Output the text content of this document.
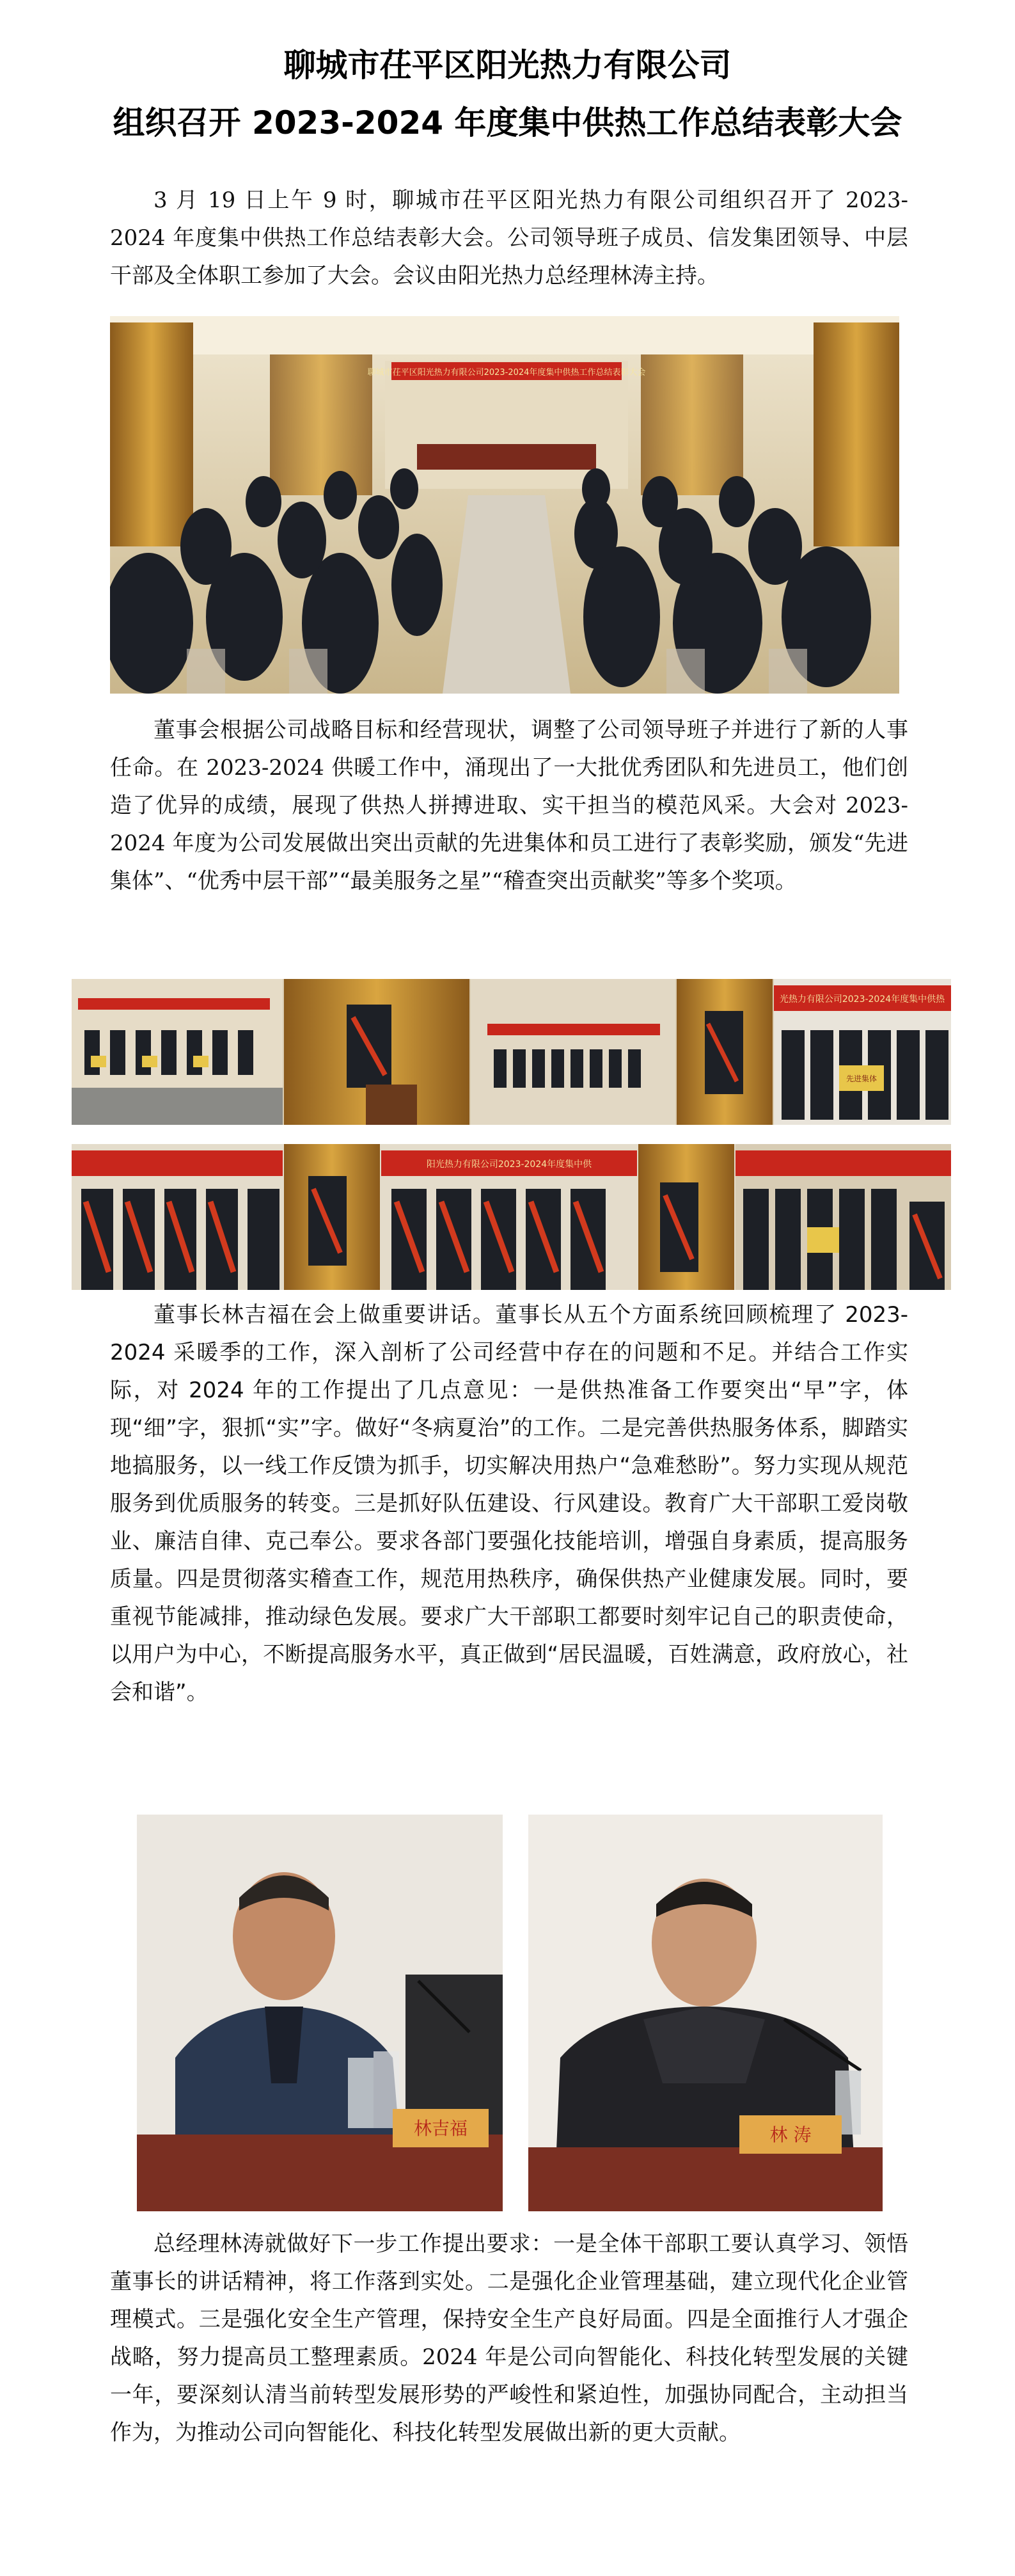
聊城市茌平区阳光热力有限公司
组织召开 2023-2024 年度集中供热工作总结表彰大会

3 月 19 日上午 9 时，聊城市茌平区阳光热力有限公司组织召开了 2023-2024 年度集中供热工作总结表彰大会。公司领导班子成员、信发集团领导、中层干部及全体职工参加了大会。会议由阳光热力总经理林涛主持。

聊城市茌平区阳光热力有限公司2023-2024年度集中供热工作总结表彰大会

董事会根据公司战略目标和经营现状，调整了公司领导班子并进行了新的人事任命。在 2023-2024 供暖工作中，涌现出了一大批优秀团队和先进员工，他们创造了优异的成绩，展现了供热人拼搏进取、实干担当的模范风采。大会对 2023-2024 年度为公司发展做出突出贡献的先进集体和员工进行了表彰奖励，颁发“先进集体”、“优秀中层干部”“最美服务之星”“稽查突出贡献奖”等多个奖项。

光热力有限公司2023-2024年度集中供热
先进集体
阳光热力有限公司2023-2024年度集中供

董事长林吉福在会上做重要讲话。董事长从五个方面系统回顾梳理了 2023-2024 采暖季的工作，深入剖析了公司经营中存在的问题和不足。并结合工作实际，对 2024 年的工作提出了几点意见：一是供热准备工作要突出“早”字，体现“细”字，狠抓“实”字。做好“冬病夏治”的工作。二是完善供热服务体系，脚踏实地搞服务，以一线工作反馈为抓手，切实解决用热户“急难愁盼”。努力实现从规范服务到优质服务的转变。三是抓好队伍建设、行风建设。教育广大干部职工爱岗敬业、廉洁自律、克己奉公。要求各部门要强化技能培训，增强自身素质，提高服务质量。四是贯彻落实稽查工作，规范用热秩序，确保供热产业健康发展。同时，要重视节能减排，推动绿色发展。要求广大干部职工都要时刻牢记自己的职责使命，以用户为中心，不断提高服务水平，真正做到“居民温暖，百姓满意，政府放心，社会和谐”。

林吉福	林 涛

总经理林涛就做好下一步工作提出要求：一是全体干部职工要认真学习、领悟董事长的讲话精神，将工作落到实处。二是强化企业管理基础，建立现代化企业管理模式。三是强化安全生产管理，保持安全生产良好局面。四是全面推行人才强企战略，努力提高员工整理素质。2024 年是公司向智能化、科技化转型发展的关键一年，要深刻认清当前转型发展形势的严峻性和紧迫性，加强协同配合，主动担当作为，为推动公司向智能化、科技化转型发展做出新的更大贡献。
